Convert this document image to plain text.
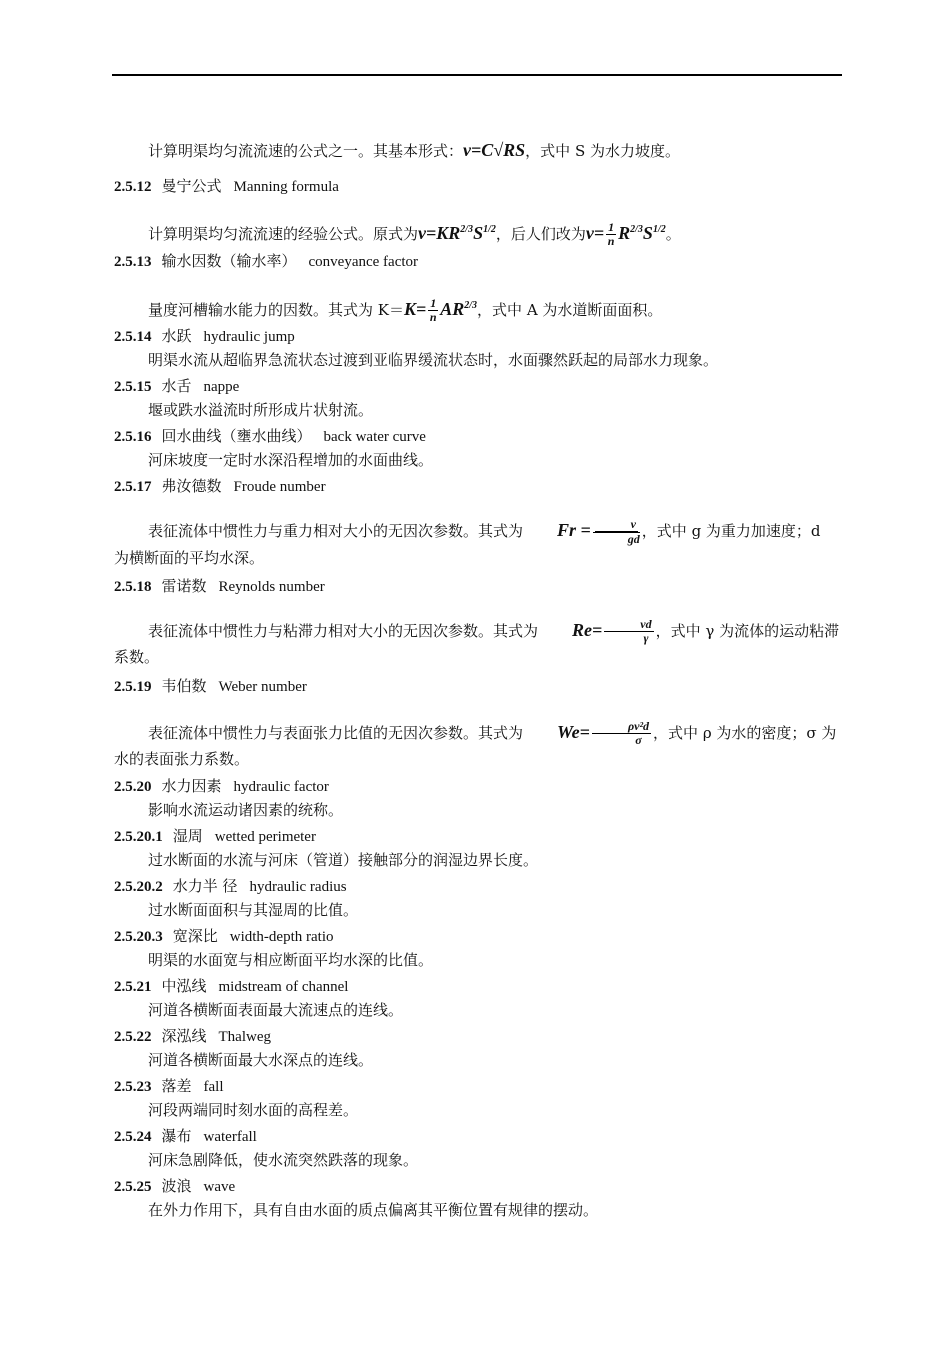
计算明渠均匀流流速的公式之一。其基本形式：v=C√RS，式中 S 为水力坡度。
2.5.12 曼宁公式 Manning formula
计算明渠均匀流流速的经验公式。原式为$v=KR^{2/3}S^{1/2}$，后人们改为$v= \frac{1}{n} R^{2/3}S^{1/2}$。
2.5.13 输水因数（输水率） conveyance factor
量度河槽输水能力的因数。其式为 $K=K= \frac{1}{n} AR^{2/3}$，式中 A 为水道断面面积。
2.5.14 水跃 hydraulic jump
明渠水流从超临界急流状态过渡到亚临界缓流状态时，水面骤然跃起的局部水力现象。
2.5.15 水舌 nappe
堰或跌水溢流时所形成片状射流。
2.5.16 回水曲线（壅水曲线） back water curve
河床坡度一定时水深沿程增加的水面曲线。
2.5.17 弗汝德数 Froude number
表征流体中惯性力与重力相对大小的无因次参数。其式为 $Fr = \frac{v}{gd}$ ，式中 g 为重力加速度；d 为横断面的平均水深。
2.5.18 雷诺数 Reynolds number
表征流体中惯性力与粘滞力相对大小的无因次参数。其式为 $Re= \frac{vd}{\gamma}$ ，式中 γ 为流体的运动粘滞系数。
2.5.19 韦伯数 Weber number
表征流体中惯性力与表面张力比值的无因次参数。其式为 $We= \frac{\text{ρv²d}}{\sigma}$ ，式中 ρ 为水的密度；σ 为水的表面张力系数。
2.5.20 水力因素 hydraulic factor
影响水流运动诸因素的统称。
2.5.20.1 湿周 wetted perimeter
过水断面的水流与河床（管道）接触部分的润湿边界长度。
2.5.20.2 水力半 径 hydraulic radius
过水断面面积与其湿周的比值。
2.5.20.3 宽深比 width-depth ratio
明渠的水面宽与相应断面平均水深的比值。
2.5.21 中泓线 midstream of channel
河道各横断面表面最大流速点的连线。
2.5.22 深泓线 Thalweg
河道各横断面最大水深点的连线。
2.5.23 落差 fall
河段两端同时刻水面的高程差。
2.5.24 瀑布 waterfall
河床急剧降低，使水流突然跌落的现象。
2.5.25 波浪 wave
在外力作用下，具有自由水面的质点偏离其平衡位置有规律的摆动。
